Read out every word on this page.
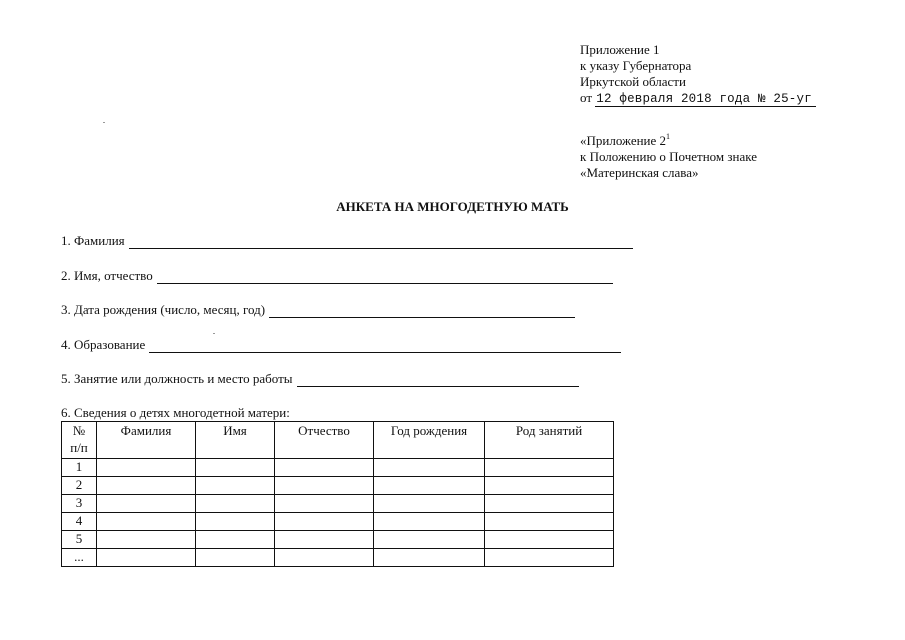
Приложение 1
к указу Губернатора
Иркутской области
от 12 февраля 2018 года № 25-уг
«Приложение $2^1$
к Положению о Почетном знаке
«Материнская слава»
АНКЕТА НА МНОГОДЕТНУЮ МАТЬ
1. Фамилия
2. Имя, отчество
3. Дата рождения (число, месяц, год)
4. Образование
5. Занятие или должность и место работы
6. Сведения о детях многодетной матери:
№
п/п	Фамилия	Имя	Отчество	Год рождения	Род занятий
1					
2					
3					
4					
5					
...					
